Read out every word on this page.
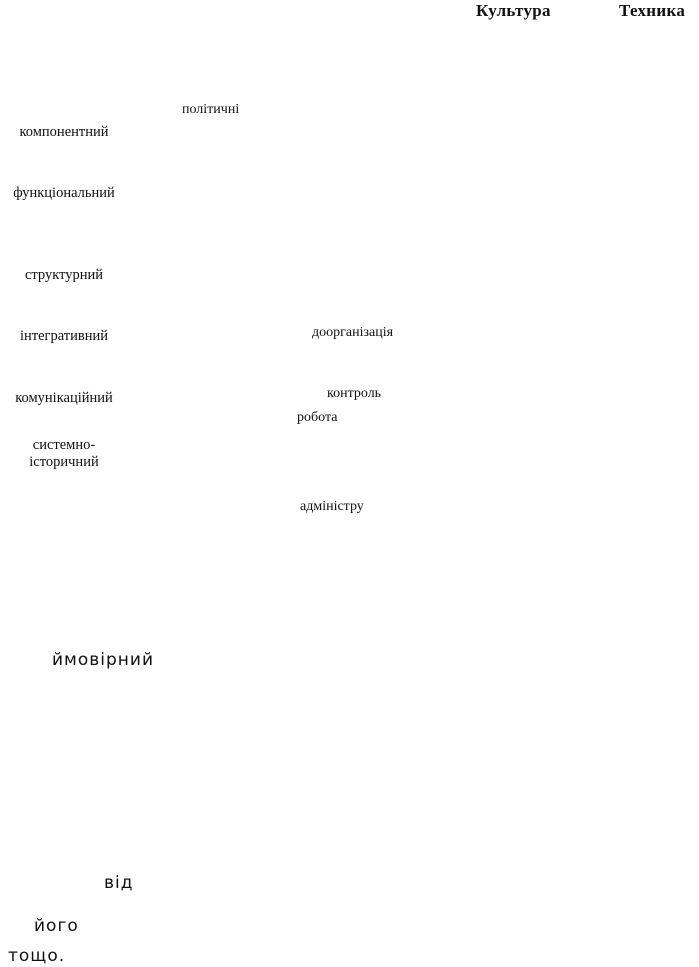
Культура	Техника
політичні
доорганізація
контроль
робота
адміністру
компонентний
функціональний
структурний
інтегративний
комунікаційний
системно-
історичний
ймовірний
від
його
тощо.
